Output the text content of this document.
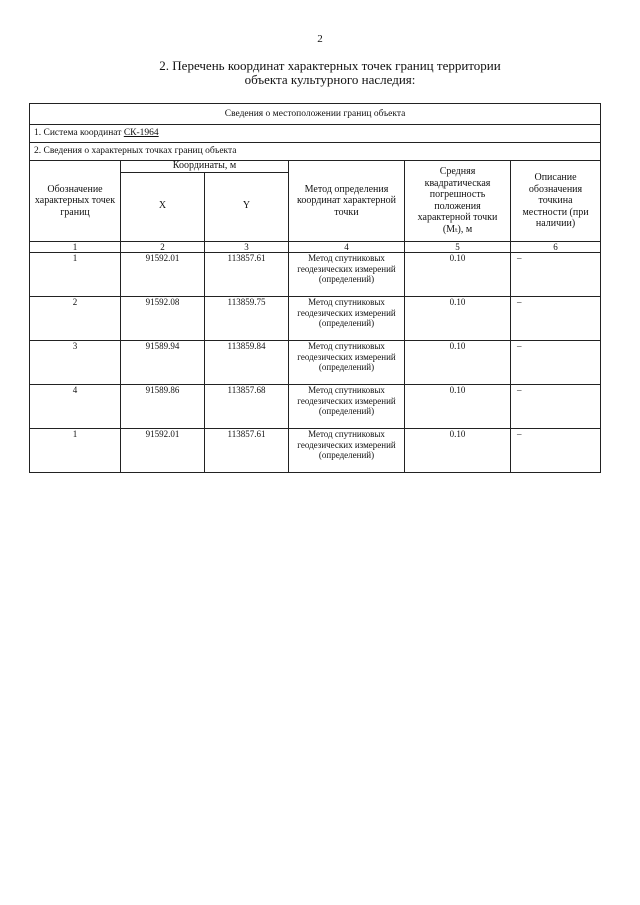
2
2. Перечень координат характерных точек границ территории
объекта культурного наследия:
Сведения о местоположении границ объекта					
1. Система координат СК-1964					
2. Сведения о характерных точках границ объекта					
Обозначение характерных точек границ	Координаты, м		Метод определения координат характерной точки	Средняя квадратическая погрешность положения характерной точки (Mₜ), м	Описание обозначения точкина местности (при наличии)
	X	Y			
1	2	3	4	5	6
1	91592.01	113857.61	Метод спутниковых геодезических измерений (определений)	0.10	–
2	91592.08	113859.75	Метод спутниковых геодезических измерений (определений)	0.10	–
3	91589.94	113859.84	Метод спутниковых геодезических измерений (определений)	0.10	–
4	91589.86	113857.68	Метод спутниковых геодезических измерений (определений)	0.10	–
1	91592.01	113857.61	Метод спутниковых геодезических измерений (определений)	0.10	–
